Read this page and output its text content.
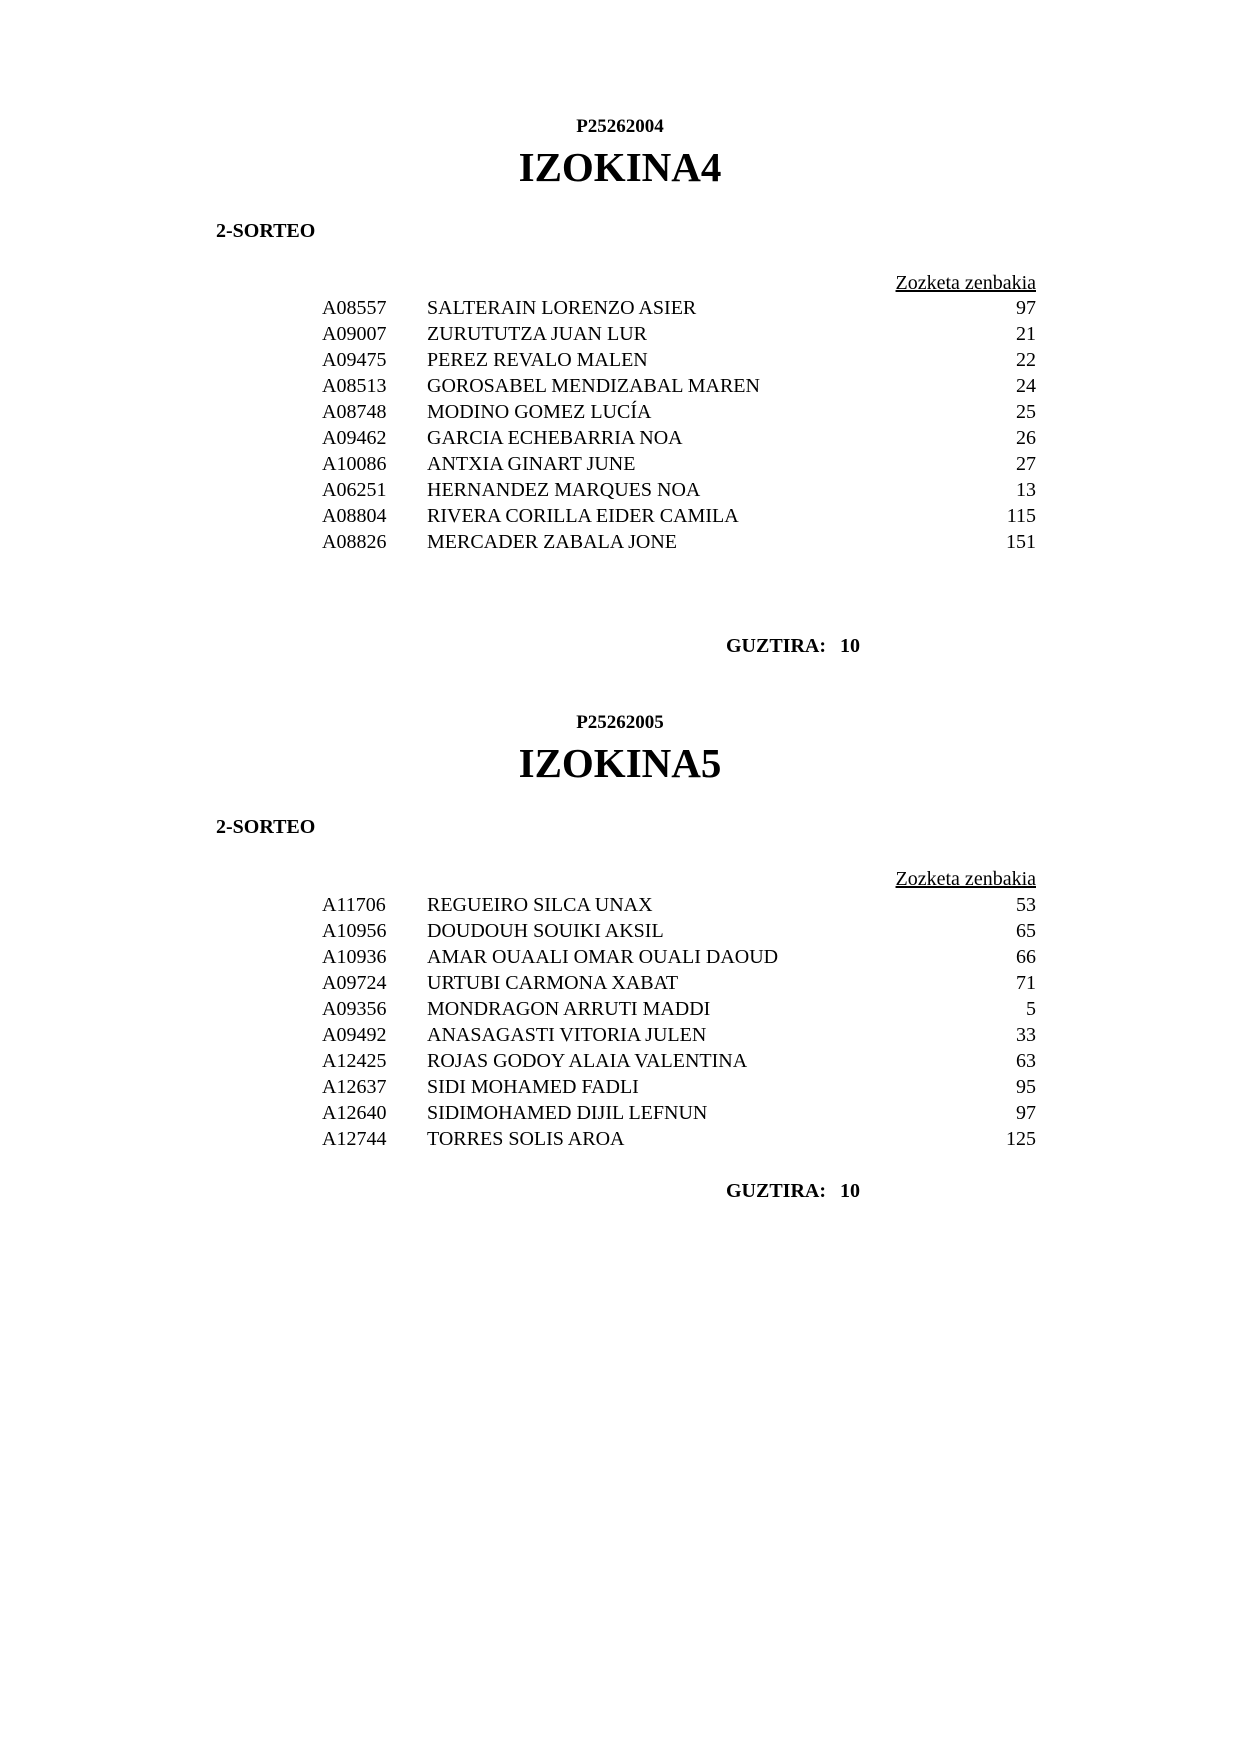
P25262004
IZOKINA4
2-SORTEO
Zozketa zenbakia
A08557 SALTERAIN LORENZO ASIER	97
A09007 ZURUTUTZA JUAN LUR	21
A09475 PEREZ REVALO MALEN	22
A08513 GOROSABEL MENDIZABAL MAREN	24
A08748 MODINO GOMEZ LUCÍA	25
A09462 GARCIA ECHEBARRIA NOA	26
A10086 ANTXIA GINART JUNE	27
A06251 HERNANDEZ MARQUES NOA	13
A08804 RIVERA CORILLA EIDER CAMILA	115
A08826 MERCADER ZABALA JONE	151
GUZTIRA: 10
P25262005
IZOKINA5
2-SORTEO
Zozketa zenbakia
A11706 REGUEIRO SILCA UNAX	53
A10956 DOUDOUH SOUIKI AKSIL	65
A10936 AMAR OUAALI OMAR OUALI DAOUD	66
A09724 URTUBI CARMONA XABAT	71
A09356 MONDRAGON ARRUTI MADDI	5
A09492 ANASAGASTI VITORIA JULEN	33
A12425 ROJAS GODOY ALAIA VALENTINA	63
A12637 SIDI MOHAMED FADLI	95
A12640 SIDIMOHAMED DIJIL LEFNUN	97
A12744 TORRES SOLIS AROA	125
GUZTIRA: 10
